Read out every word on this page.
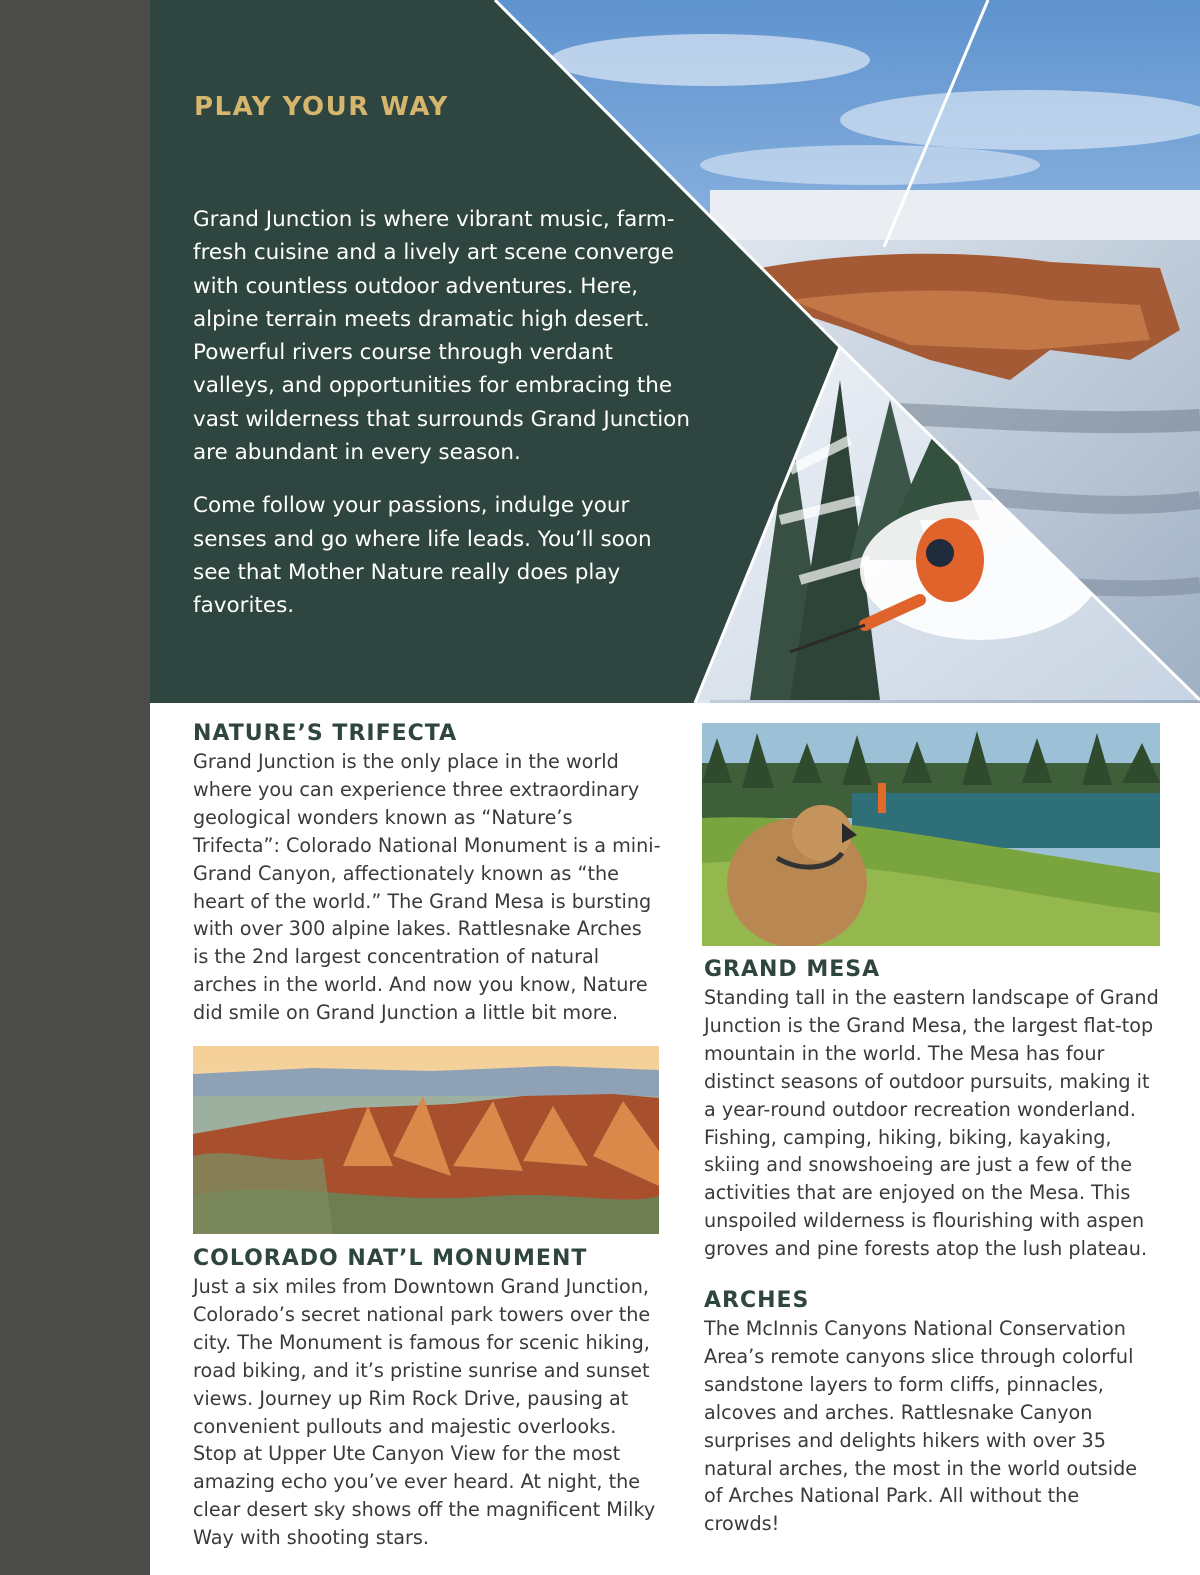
PLAY YOUR WAY

Grand Junction is where vibrant music, farm-fresh cuisine and a lively art scene converge with countless outdoor adventures. Here, alpine terrain meets dramatic high desert. Powerful rivers course through verdant valleys, and opportunities for embracing the vast wilderness that surrounds Grand Junction are abundant in every season.

Come follow your passions, indulge your senses and go where life leads. You’ll soon see that Mother Nature really does play favorites.

NATURE’S TRIFECTA

Grand Junction is the only place in the world where you can experience three extraordinary geological wonders known as “Nature’s Trifecta”: Colorado National Monument is a mini-Grand Canyon, affectionately known as “the heart of the world.” The Grand Mesa is bursting with over 300 alpine lakes. Rattlesnake Arches is the 2nd largest concentration of natural arches in the world. And now you know, Nature did smile on Grand Junction a little bit more.

COLORADO NAT’L MONUMENT

Just a six miles from Downtown Grand Junction, Colorado’s secret national park towers over the city. The Monument is famous for scenic hiking, road biking, and it’s pristine sunrise and sunset views. Journey up Rim Rock Drive, pausing at convenient pullouts and majestic overlooks. Stop at Upper Ute Canyon View for the most amazing echo you’ve ever heard. At night, the clear desert sky shows off the magnificent Milky Way with shooting stars.

GRAND MESA

Standing tall in the eastern landscape of Grand Junction is the Grand Mesa, the largest flat-top mountain in the world. The Mesa has four distinct seasons of outdoor pursuits, making it a year-round outdoor recreation wonderland. Fishing, camping, hiking, biking, kayaking, skiing and snowshoeing are just a few of the activities that are enjoyed on the Mesa. This unspoiled wilderness is flourishing with aspen groves and pine forests atop the lush plateau.

ARCHES

The McInnis Canyons National Conservation Area’s remote canyons slice through colorful sandstone layers to form cliffs, pinnacles, alcoves and arches. Rattlesnake Canyon surprises and delights hikers with over 35 natural arches, the most in the world outside of Arches National Park. All without the crowds!
